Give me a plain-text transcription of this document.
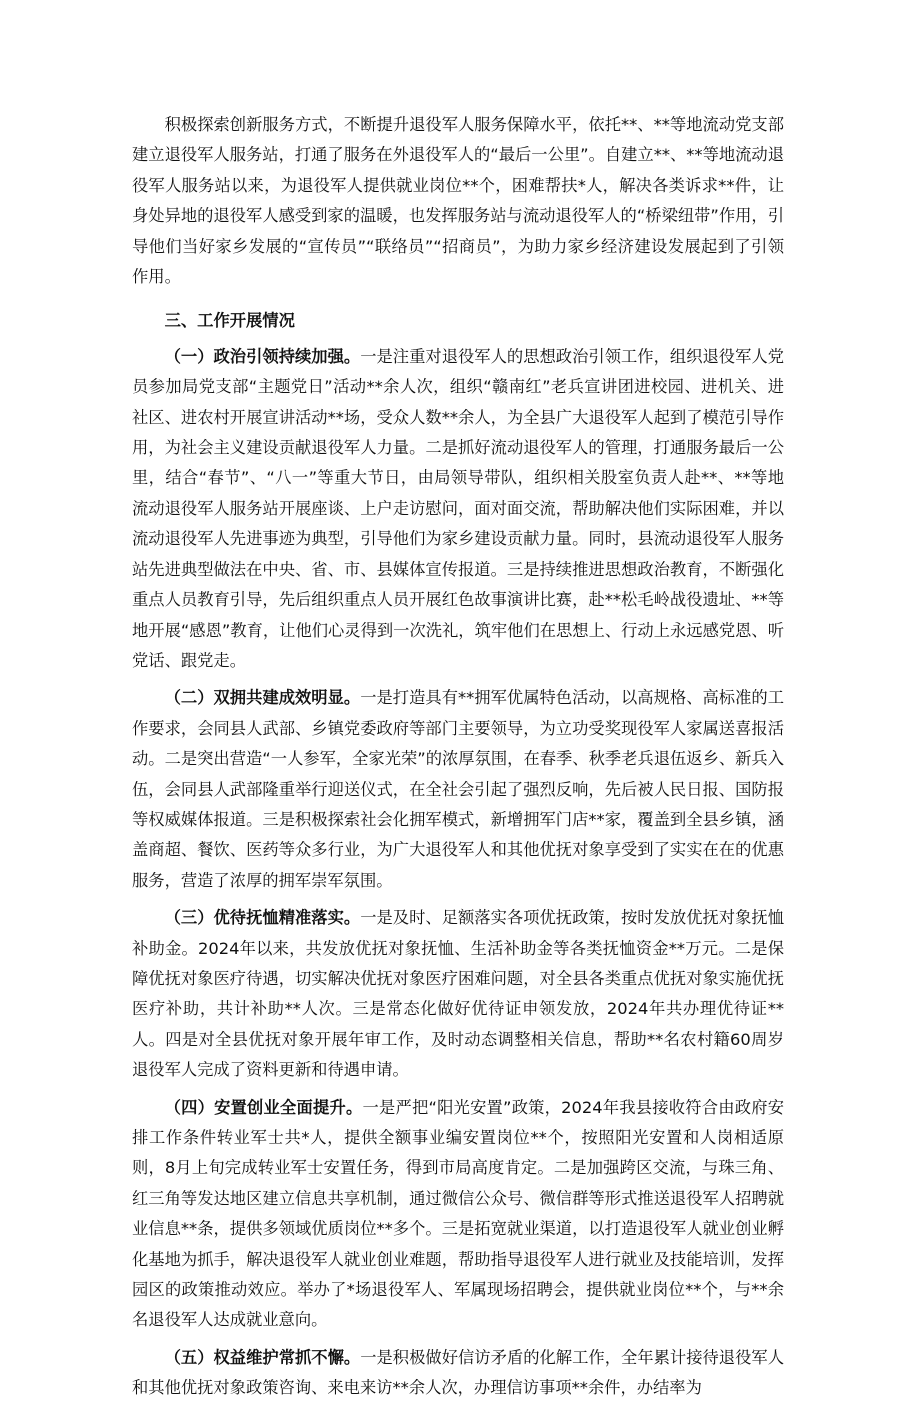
积极探索创新服务方式，不断提升退役军人服务保障水平，依托**、**等地流动党支部建立退役军人服务站，打通了服务在外退役军人的“最后一公里”。自建立**、**等地流动退役军人服务站以来，为退役军人提供就业岗位**个，困难帮扶*人，解决各类诉求**件，让身处异地的退役军人感受到家的温暖，也发挥服务站与流动退役军人的“桥梁纽带”作用，引导他们当好家乡发展的“宣传员”“联络员”“招商员”，为助力家乡经济建设发展起到了引领作用。

三、工作开展情况

（一）政治引领持续加强。一是注重对退役军人的思想政治引领工作，组织退役军人党员参加局党支部“主题党日”活动**余人次，组织“赣南红”老兵宣讲团进校园、进机关、进社区、进农村开展宣讲活动**场，受众人数**余人，为全县广大退役军人起到了模范引导作用，为社会主义建设贡献退役军人力量。二是抓好流动退役军人的管理，打通服务最后一公里，结合“春节”、“八一”等重大节日，由局领导带队，组织相关股室负责人赴**、**等地流动退役军人服务站开展座谈、上户走访慰问，面对面交流，帮助解决他们实际困难，并以流动退役军人先进事迹为典型，引导他们为家乡建设贡献力量。同时，县流动退役军人服务站先进典型做法在中央、省、市、县媒体宣传报道。三是持续推进思想政治教育，不断强化重点人员教育引导，先后组织重点人员开展红色故事演讲比赛，赴**松毛岭战役遗址、**等地开展“感恩”教育，让他们心灵得到一次洗礼，筑牢他们在思想上、行动上永远感党恩、听党话、跟党走。

（二）双拥共建成效明显。一是打造具有**拥军优属特色活动，以高规格、高标准的工作要求，会同县人武部、乡镇党委政府等部门主要领导，为立功受奖现役军人家属送喜报活动。二是突出营造“一人参军，全家光荣”的浓厚氛围，在春季、秋季老兵退伍返乡、新兵入伍，会同县人武部隆重举行迎送仪式，在全社会引起了强烈反响，先后被人民日报、国防报等权威媒体报道。三是积极探索社会化拥军模式，新增拥军门店**家，覆盖到全县乡镇，涵盖商超、餐饮、医药等众多行业，为广大退役军人和其他优抚对象享受到了实实在在的优惠服务，营造了浓厚的拥军崇军氛围。

（三）优待抚恤精准落实。一是及时、足额落实各项优抚政策，按时发放优抚对象抚恤补助金。2024年以来，共发放优抚对象抚恤、生活补助金等各类抚恤资金**万元。二是保障优抚对象医疗待遇，切实解决优抚对象医疗困难问题，对全县各类重点优抚对象实施优抚医疗补助，共计补助**人次。三是常态化做好优待证申领发放，2024年共办理优待证**人。四是对全县优抚对象开展年审工作，及时动态调整相关信息，帮助**名农村籍60周岁退役军人完成了资料更新和待遇申请。

（四）安置创业全面提升。一是严把“阳光安置”政策，2024年我县接收符合由政府安排工作条件转业军士共*人，提供全额事业编安置岗位**个，按照阳光安置和人岗相适原则，8月上旬完成转业军士安置任务，得到市局高度肯定。二是加强跨区交流，与珠三角、红三角等发达地区建立信息共享机制，通过微信公众号、微信群等形式推送退役军人招聘就业信息**条，提供多领域优质岗位**多个。三是拓宽就业渠道，以打造退役军人就业创业孵化基地为抓手，解决退役军人就业创业难题，帮助指导退役军人进行就业及技能培训，发挥园区的政策推动效应。举办了*场退役军人、军属现场招聘会，提供就业岗位**个，与**余名退役军人达成就业意向。

（五）权益维护常抓不懈。一是积极做好信访矛盾的化解工作，全年累计接待退役军人和其他优抚对象政策咨询、来电来访**余人次，办理信访事项**余件，办结率为
